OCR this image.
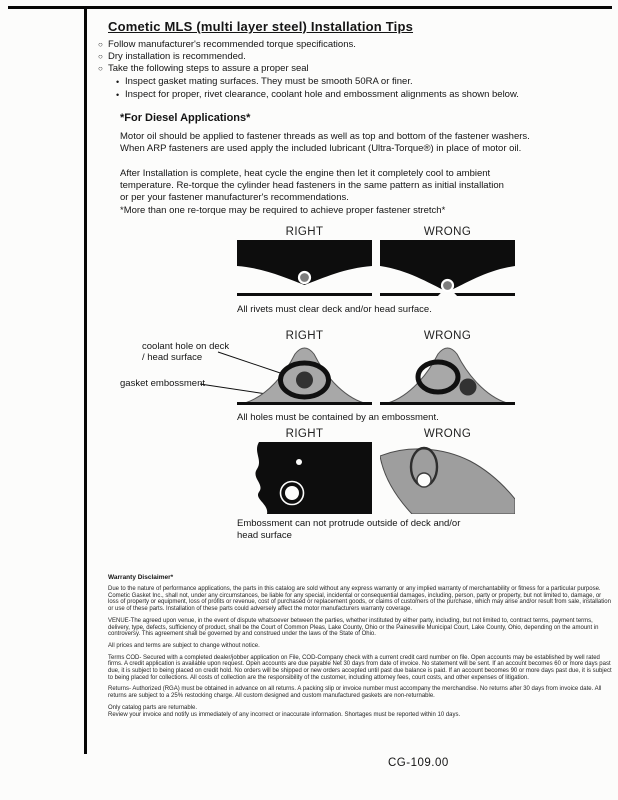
Cometic MLS (multi layer steel) Installation Tips
○ Follow manufacturer's recommended torque specifications.
○ Dry installation is recommended.
○ Take the following steps to assure a proper seal
• Inspect gasket mating surfaces. They must be smooth 50RA or finer.
• Inspect for proper, rivet clearance, coolant hole and embossment alignments as shown below.
*For Diesel Applications*
Motor oil should be applied to fastener threads as well as top and bottom of the fastener washers.
When ARP fasteners are used apply the included lubricant (Ultra-Torque®) in place of motor oil.
After Installation is complete, heat cycle the engine then let it completely cool to ambient
temperature. Re-torque the cylinder head fasteners in the same pattern as initial installation
or per your fastener manufacturer's recommendations.
*More than one re-torque may be required to achieve proper fastener stretch*
RIGHT	WRONG
All rivets must clear deck and/or head surface.
coolant hole on deck / head surface
gasket embossment
RIGHT	WRONG
All holes must be contained by an embossment.
RIGHT	WRONG
Embossment can not protrude outside of deck and/or head surface
Warranty Disclaimer*
Due to the nature of performance applications, the parts in this catalog are sold without any express warranty or any implied warranty of merchantability or fitness for a particular purpose. Cometic Gasket Inc., shall not, under any circumstances, be liable for any special, incidental or consequential damages, including, person, party or property, but not limited to, damage, or loss of property or equipment, loss of profits or revenue, cost of purchased or replacement goods, or claims of customers of the purchase, which may arise and/or result from sale, installation or use of these parts. Installation of these parts could adversely affect the motor manufacturers warranty coverage.
VENUE-The agreed upon venue, in the event of dispute whatsoever between the parties, whether instituted by either party, including, but not limited to, contract terms, payment terms, delivery, type, defects, sufficiency of product, shall be the Court of Common Pleas, Lake County, Ohio or the Painesville Municipal Court, Lake County, Ohio, depending on the amount in controversy. This agreement shall be governed by and construed under the laws of the State of Ohio.
All prices and terms are subject to change without notice.
Terms COD- Secured with a completed dealer/jobber application on File, COD-Company check with a current credit card number on file. Open accounts may be established by well rated firms. A credit application is available upon request. Open accounts are due payable Net 30 days from date of invoice. No statement will be sent. If an account becomes 60 or more days past due, it is subject to being placed on credit hold. No orders will be shipped or new orders accepted until past due balance is paid. If an account becomes 90 or more days past due, it is subject to being placed for collections. All costs of collection are the responsibility of the customer, including attorney fees, court costs, and other expenses of litigation.
Returns- Authorized (RGA) must be obtained in advance on all returns. A packing slip or invoice number must accompany the merchandise. No returns after 30 days from invoice date. All returns are subject to a 25% restocking charge. All custom designed and custom manufactured gaskets are non-returnable.
Only catalog parts are returnable.
Review your invoice and notify us immediately of any incorrect or inaccurate information. Shortages must be reported within 10 days.
CG-109.00
